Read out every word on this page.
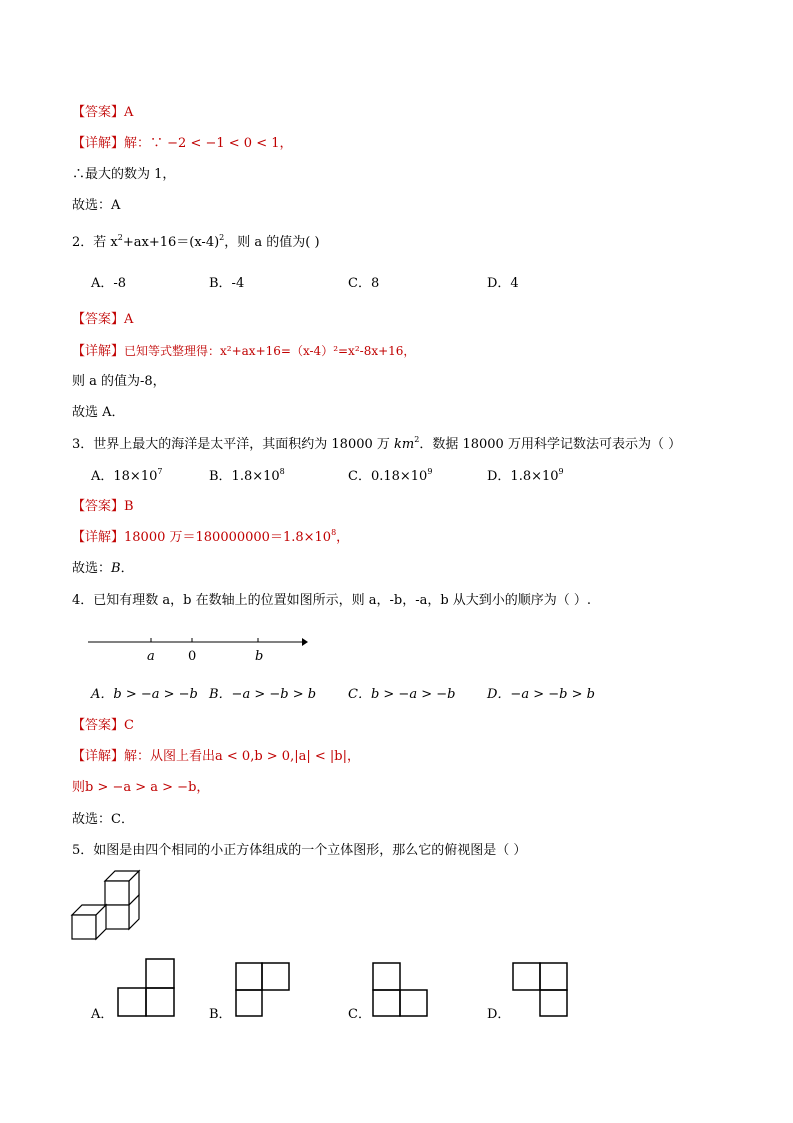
【答案】A
【详解】解：∵ −2 < −1 < 0 < 1，
∴最大的数为 1，
故选：A
2．若 $x^2+ax+16=(x-4)^2$，则 a 的值为( )
A．-8	B．-4	C．8	D．4
【答案】A
【详解】已知等式整理得：x²+ax+16=（x-4）²=x²-8x+16，
则 a 的值为-8，
故选 A．
3．世界上最大的海洋是太平洋，其面积约为 18000 万 $km^2$．数据 18000 万用科学记数法可表示为（ ）
A．$18\times 10^7$	B．$1.8\times 10^8$	C．$0.18\times 10^9$	D．$1.8\times 10^9$
【答案】B
【详解】18000 万$=180000000=1.8\times 10^8$，
故选：B．
4．已知有理数 a，b 在数轴上的位置如图所示，则 a，-b，-a，b 从大到小的顺序为（ ）.
a	0	b
A．b > −a > −b B．−a > −b > b C．b > −a > −b D．−a > −b > b
【答案】C
【详解】解：从图上看出a < 0,b > 0,|a| < |b|，
则b > −a > a > −b，
故选：C．
5．如图是由四个相同的小正方体组成的一个立体图形，那么它的俯视图是（ ）
A．	B．	C．	D．
